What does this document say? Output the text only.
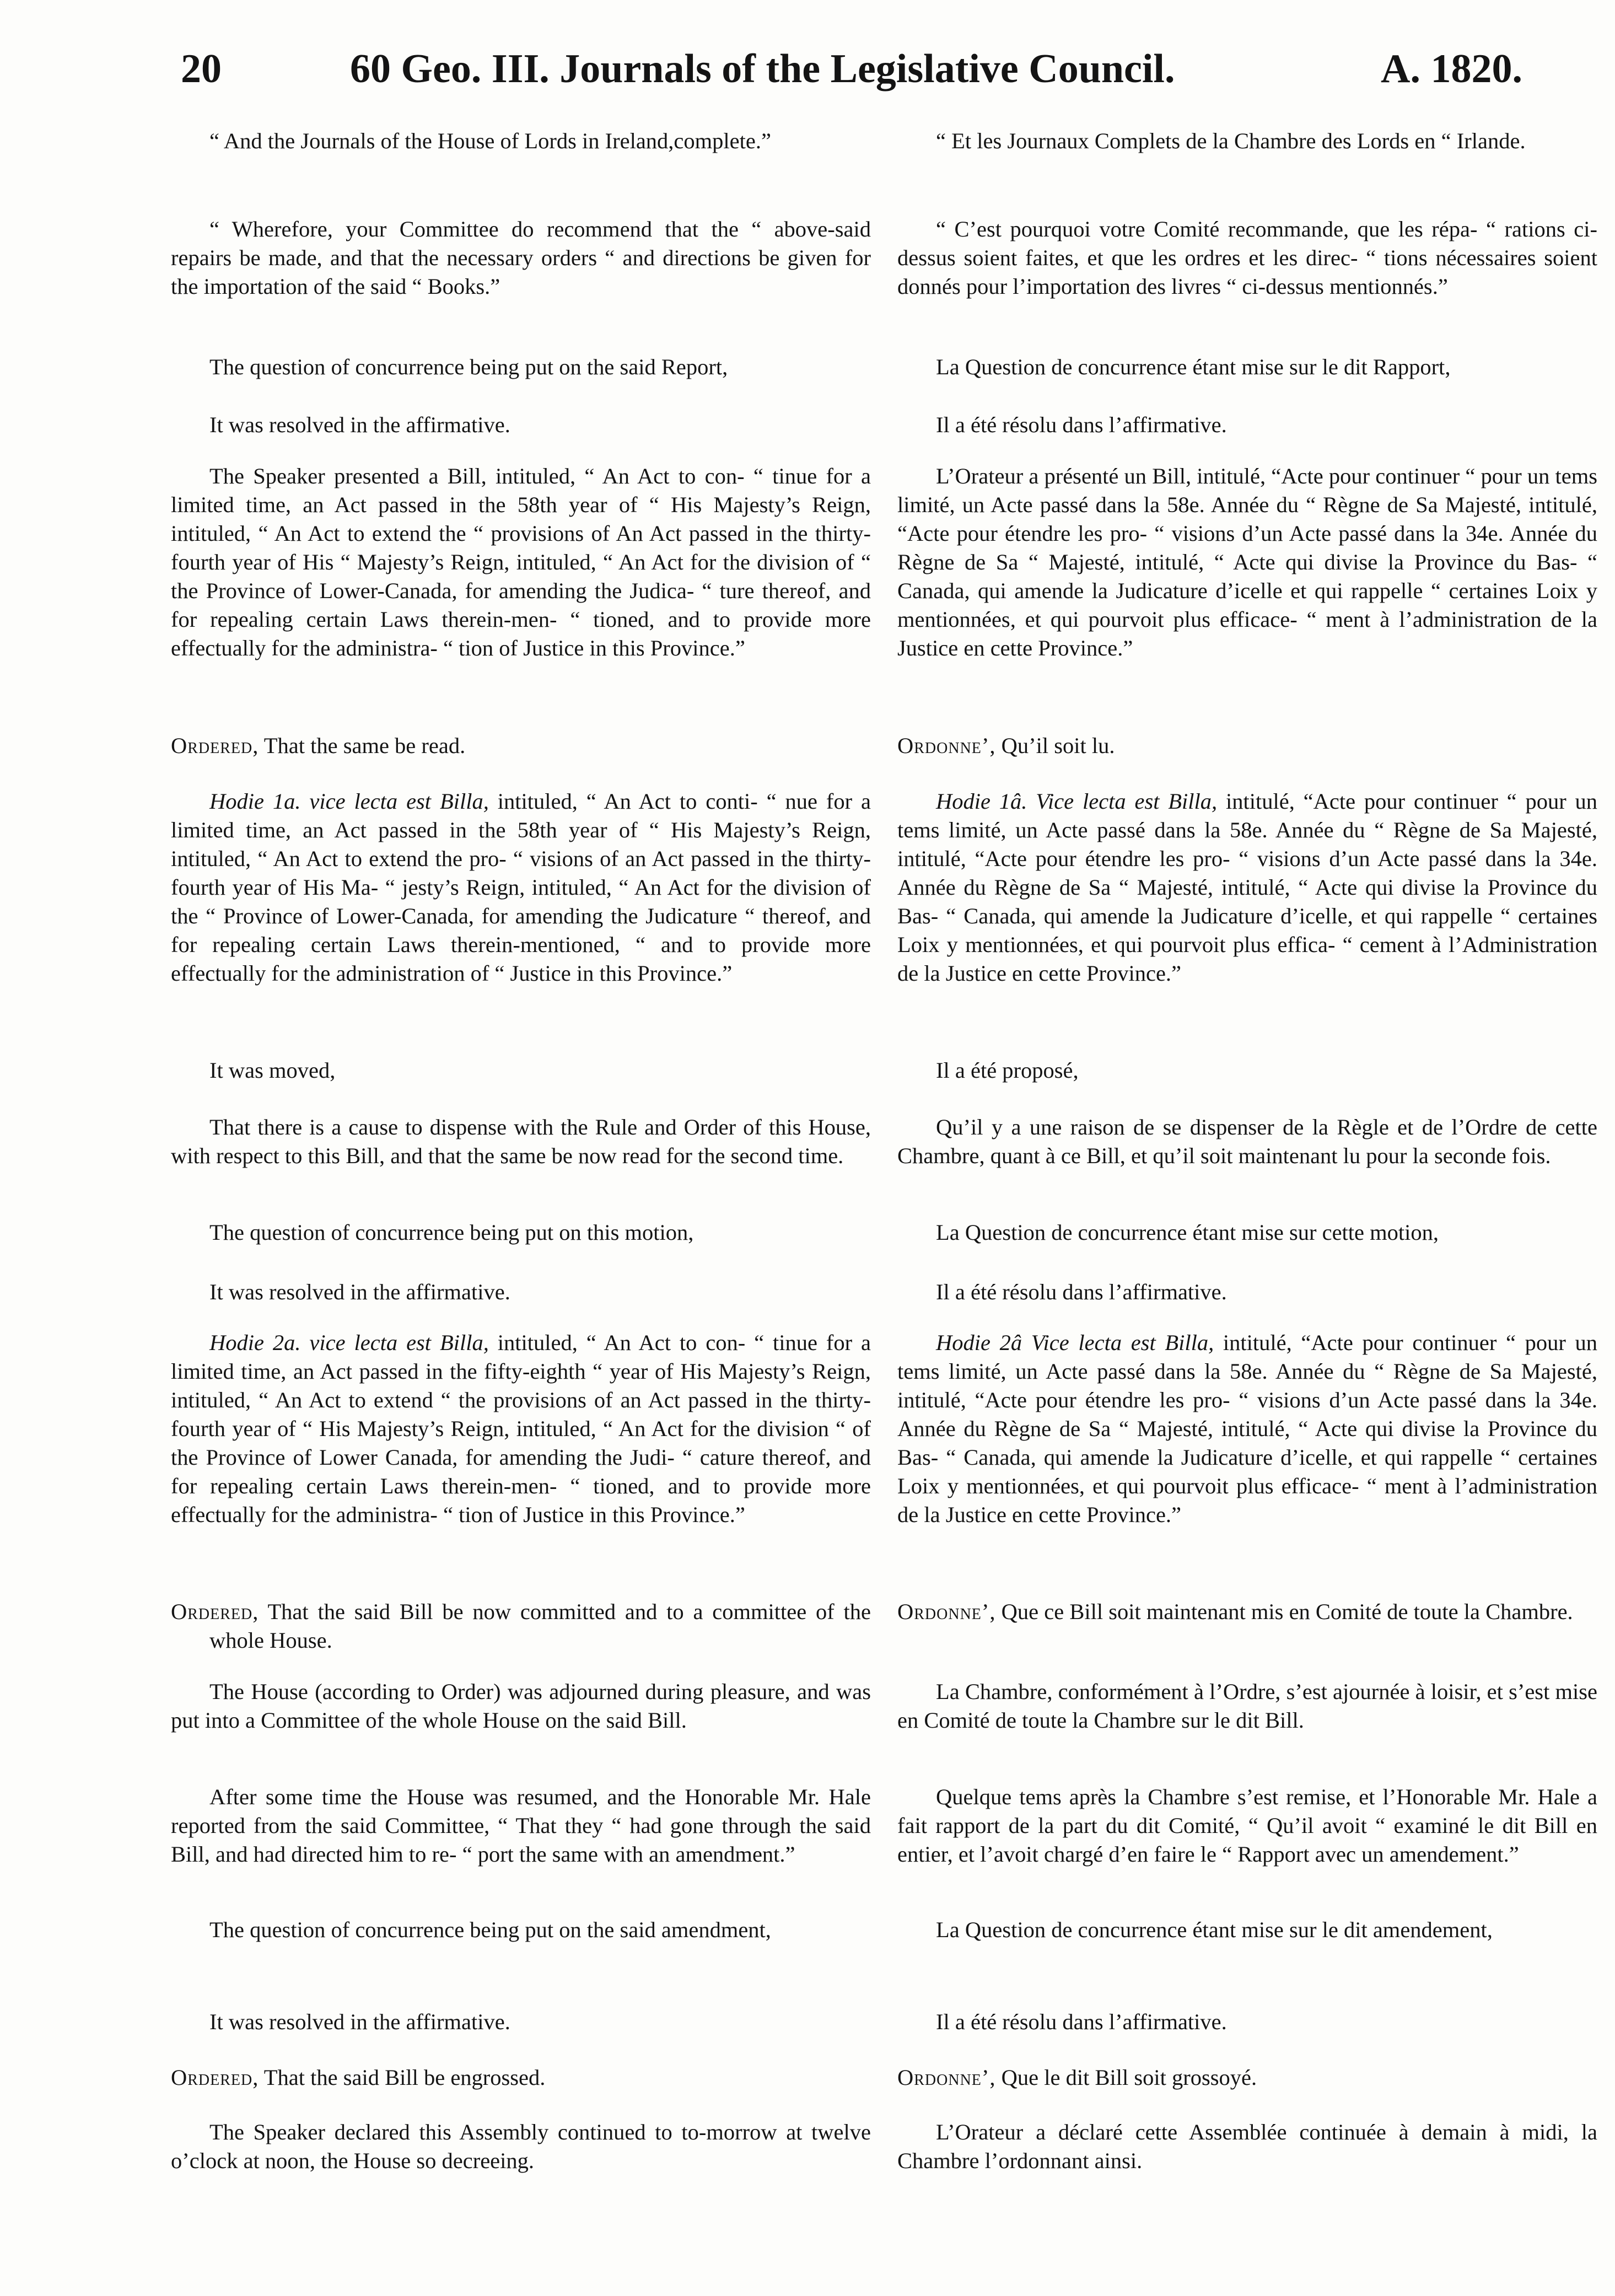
20	60 Geo. III. Journals of the Legislative Council.	A. 1820.

“ And the Journals of the House of Lords in Ireland,complete.”

“ Wherefore, your Committee do recommend that the “ above-said repairs be made, and that the necessary orders “ and directions be given for the importation of the said “ Books.”

The question of concurrence being put on the said Report,

It was resolved in the affirmative.

The Speaker presented a Bill, intituled, “ An Act to con- “ tinue for a limited time, an Act passed in the 58th year of “ His Majesty’s Reign, intituled, “ An Act to extend the “ provisions of An Act passed in the thirty-fourth year of His “ Majesty’s Reign, intituled, “ An Act for the division of “ the Province of Lower-Canada, for amending the Judica- “ ture thereof, and for repealing certain Laws therein-men- “ tioned, and to provide more effectually for the administra- “ tion of Justice in this Province.”

Ordered, That the same be read.

Hodie 1a. vice lecta est Billa, intituled, “ An Act to conti- “ nue for a limited time, an Act passed in the 58th year of “ His Majesty’s Reign, intituled, “ An Act to extend the pro- “ visions of an Act passed in the thirty-fourth year of His Ma- “ jesty’s Reign, intituled, “ An Act for the division of the “ Province of Lower-Canada, for amending the Judicature “ thereof, and for repealing certain Laws therein-mentioned, “ and to provide more effectually for the administration of “ Justice in this Province.”

It was moved,

That there is a cause to dispense with the Rule and Order of this House, with respect to this Bill, and that the same be now read for the second time.

The question of concurrence being put on this motion,

It was resolved in the affirmative.

Hodie 2a. vice lecta est Billa, intituled, “ An Act to con- “ tinue for a limited time, an Act passed in the fifty-eighth “ year of His Majesty’s Reign, intituled, “ An Act to extend “ the provisions of an Act passed in the thirty-fourth year of “ His Majesty’s Reign, intituled, “ An Act for the division “ of the Province of Lower Canada, for amending the Judi- “ cature thereof, and for repealing certain Laws therein-men- “ tioned, and to provide more effectually for the administra- “ tion of Justice in this Province.”

Ordered, That the said Bill be now committed and to a committee of the whole House.

The House (according to Order) was adjourned during pleasure, and was put into a Committee of the whole House on the said Bill.

After some time the House was resumed, and the Honorable Mr. Hale reported from the said Committee, “ That they “ had gone through the said Bill, and had directed him to re- “ port the same with an amendment.”

The question of concurrence being put on the said amendment,

It was resolved in the affirmative.

Ordered, That the said Bill be engrossed.

The Speaker declared this Assembly continued to to-morrow at twelve o’clock at noon, the House so decreeing.

“ Et les Journaux Complets de la Chambre des Lords en “ Irlande.

“ C’est pourquoi votre Comité recommande, que les répa- “ rations ci-dessus soient faites, et que les ordres et les direc- “ tions nécessaires soient donnés pour l’importation des livres “ ci-dessus mentionnés.”

La Question de concurrence étant mise sur le dit Rapport,

Il a été résolu dans l’affirmative.

L’Orateur a présenté un Bill, intitulé, “Acte pour continuer “ pour un tems limité, un Acte passé dans la 58e. Année du “ Règne de Sa Majesté, intitulé, “Acte pour étendre les pro- “ visions d’un Acte passé dans la 34e. Année du Règne de Sa “ Majesté, intitulé, “ Acte qui divise la Province du Bas- “ Canada, qui amende la Judicature d’icelle et qui rappelle “ certaines Loix y mentionnées, et qui pourvoit plus efficace- “ ment à l’administration de la Justice en cette Province.”

Ordonne’, Qu’il soit lu.

Hodie 1â. Vice lecta est Billa, intitulé, “Acte pour continuer “ pour un tems limité, un Acte passé dans la 58e. Année du “ Règne de Sa Majesté, intitulé, “Acte pour étendre les pro- “ visions d’un Acte passé dans la 34e. Année du Règne de Sa “ Majesté, intitulé, “ Acte qui divise la Province du Bas- “ Canada, qui amende la Judicature d’icelle, et qui rappelle “ certaines Loix y mentionnées, et qui pourvoit plus effica- “ cement à l’Administration de la Justice en cette Province.”

Il a été proposé,

Qu’il y a une raison de se dispenser de la Règle et de l’Ordre de cette Chambre, quant à ce Bill, et qu’il soit maintenant lu pour la seconde fois.

La Question de concurrence étant mise sur cette motion,

Il a été résolu dans l’affirmative.

Hodie 2â Vice lecta est Billa, intitulé, “Acte pour continuer “ pour un tems limité, un Acte passé dans la 58e. Année du “ Règne de Sa Majesté, intitulé, “Acte pour étendre les pro- “ visions d’un Acte passé dans la 34e. Année du Règne de Sa “ Majesté, intitulé, “ Acte qui divise la Province du Bas- “ Canada, qui amende la Judicature d’icelle, et qui rappelle “ certaines Loix y mentionnées, et qui pourvoit plus efficace- “ ment à l’administration de la Justice en cette Province.”

Ordonne’, Que ce Bill soit maintenant mis en Comité de toute la Chambre.

La Chambre, conformément à l’Ordre, s’est ajournée à loisir, et s’est mise en Comité de toute la Chambre sur le dit Bill.

Quelque tems après la Chambre s’est remise, et l’Honorable Mr. Hale a fait rapport de la part du dit Comité, “ Qu’il avoit “ examiné le dit Bill en entier, et l’avoit chargé d’en faire le “ Rapport avec un amendement.”

La Question de concurrence étant mise sur le dit amendement,

Il a été résolu dans l’affirmative.

Ordonne’, Que le dit Bill soit grossoyé.

L’Orateur a déclaré cette Assemblée continuée à demain à midi, la Chambre l’ordonnant ainsi.
